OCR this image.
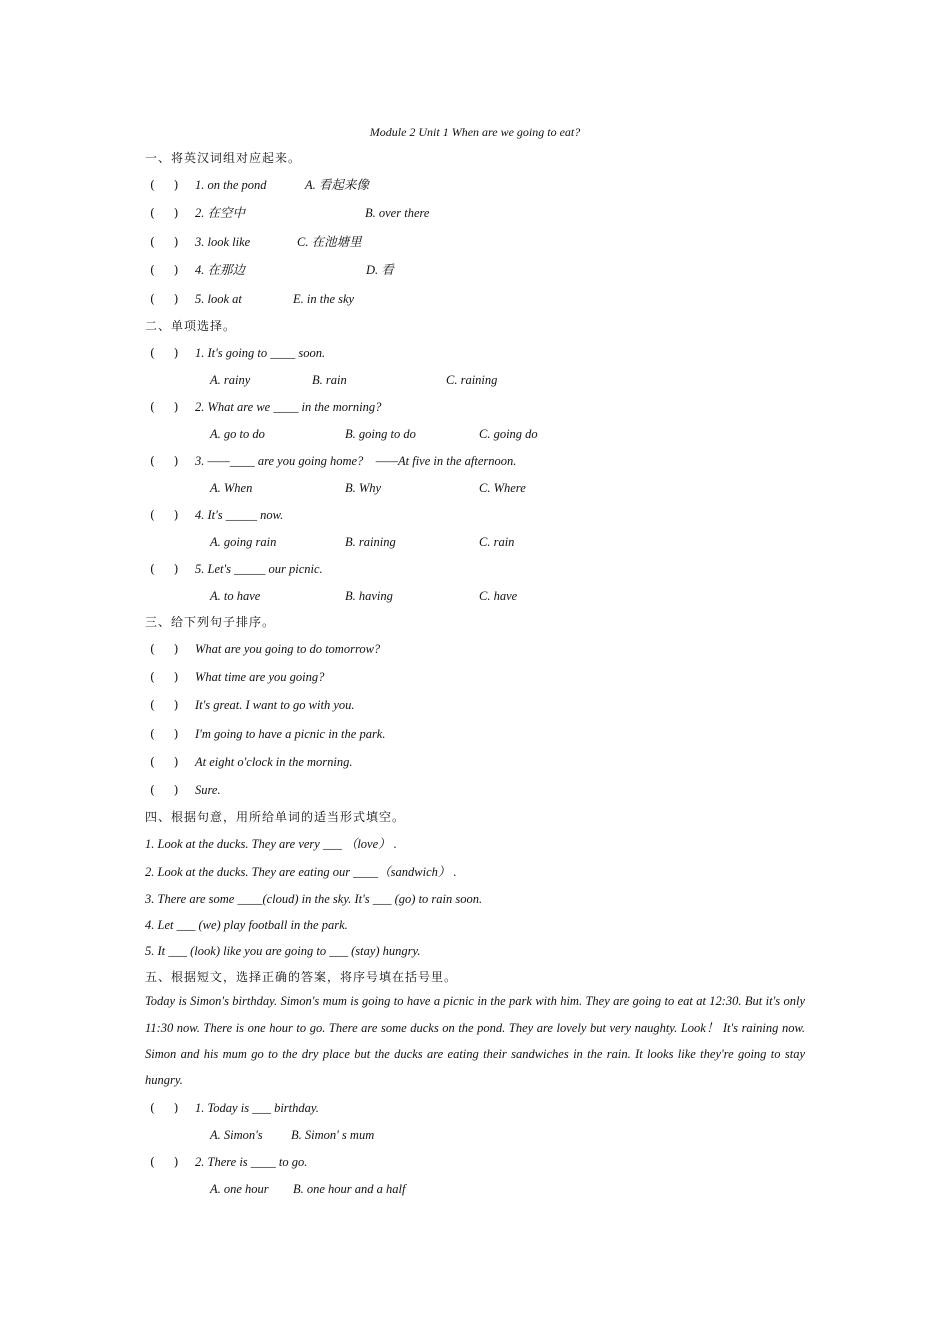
Module 2 Unit 1 When are we going to eat?
一、将英汉词组对应起来。
(     ) 1. on the pond	A. 看起来像
(     ) 2. 在空中	B. over there
(     ) 3. look like	C. 在池塘里
(     ) 4. 在那边	D. 看
(     ) 5. look at	E. in the sky
二、单项选择。
(     ) 1. It's going to ____ soon.
A. rainy	B. rain	C. raining
(     ) 2. What are we ____ in the morning?
A. go to do	B. going to do	C. going do
(     ) 3. ——____ are you going home?    ——At five in the afternoon.
A. When	B. Why	C. Where
(     ) 4. It's _____ now.
A. going rain	B. raining	C. rain
(     ) 5. Let's _____ our picnic.
A. to have	B. having	C. have
三、给下列句子排序。
(     ) What are you going to do tomorrow?
(     ) What time are you going?
(     ) It's great. I want to go with you.
(     ) I'm going to have a picnic in the park.
(     ) At eight o'clock in the morning.
(     ) Sure.
四、根据句意，用所给单词的适当形式填空。
1. Look at the ducks. They are very ___ （love） .
2. Look at the ducks. They are eating our ____（sandwich） .
3. There are some ____(cloud) in the sky. It's ___ (go) to rain soon.
4. Let ___ (we) play football in the park.
5. It ___ (look) like you are going to ___ (stay) hungry.
五、根据短文，选择正确的答案，将序号填在括号里。
Today is Simon's birthday. Simon's mum is going to have a picnic in the park with him. They are going to eat at 12:30. But it's only
11:30 now. There is one hour to go. There are some ducks on the pond. They are lovely but very naughty. Look！ It's raining now.
Simon and his mum go to the dry place but the ducks are eating their sandwiches in the rain. It looks like they're going to stay
hungry.
(     ) 1. Today is ___ birthday.
A. Simon's B. Simon' s mum
(     ) 2. There is ____ to go.
A. one hour B. one hour and a half
